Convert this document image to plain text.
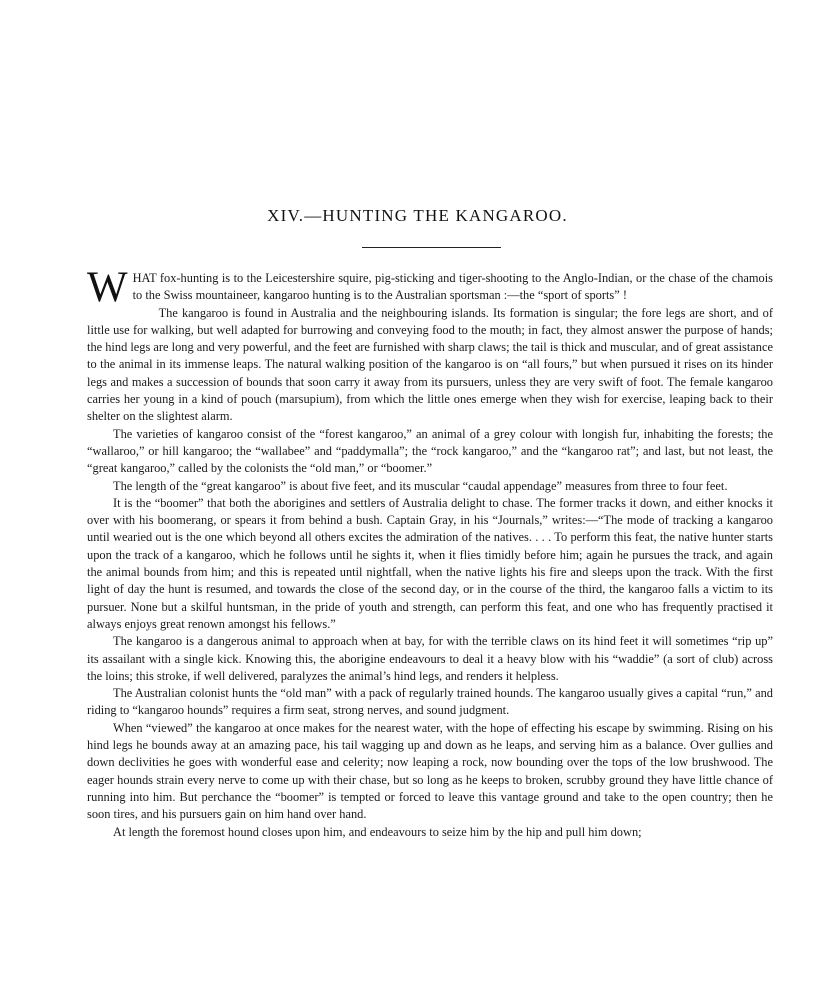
XIV.—HUNTING THE KANGAROO.

WHAT fox-hunting is to the Leicestershire squire, pig-sticking and tiger-shooting to the Anglo-Indian, or the chase of the chamois to the Swiss mountaineer, kangaroo hunting is to the Australian sportsman :—the “sport of sports” !

The kangaroo is found in Australia and the neighbouring islands. Its formation is singular; the fore legs are short, and of little use for walking, but well adapted for burrowing and conveying food to the mouth; in fact, they almost answer the purpose of hands; the hind legs are long and very powerful, and the feet are furnished with sharp claws; the tail is thick and muscular, and of great assistance to the animal in its immense leaps. The natural walking position of the kangaroo is on “all fours,” but when pursued it rises on its hinder legs and makes a succession of bounds that soon carry it away from its pursuers, unless they are very swift of foot. The female kangaroo carries her young in a kind of pouch (marsupium), from which the little ones emerge when they wish for exercise, leaping back to their shelter on the slightest alarm.

The varieties of kangaroo consist of the “forest kangaroo,” an animal of a grey colour with longish fur, inhabiting the forests; the “wallaroo,” or hill kangaroo; the “wallabee” and “paddymalla”; the “rock kangaroo,” and the “kangaroo rat”; and last, but not least, the “great kangaroo,” called by the colonists the “old man,” or “boomer.”

The length of the “great kangaroo” is about five feet, and its muscular “caudal appendage” measures from three to four feet.

It is the “boomer” that both the aborigines and settlers of Australia delight to chase. The former tracks it down, and either knocks it over with his boomerang, or spears it from behind a bush. Captain Gray, in his “Journals,” writes:—“The mode of tracking a kangaroo until wearied out is the one which beyond all others excites the admiration of the natives. . . . To perform this feat, the native hunter starts upon the track of a kangaroo, which he follows until he sights it, when it flies timidly before him; again he pursues the track, and again the animal bounds from him; and this is repeated until nightfall, when the native lights his fire and sleeps upon the track. With the first light of day the hunt is resumed, and towards the close of the second day, or in the course of the third, the kangaroo falls a victim to its pursuer. None but a skilful huntsman, in the pride of youth and strength, can perform this feat, and one who has frequently practised it always enjoys great renown amongst his fellows.”

The kangaroo is a dangerous animal to approach when at bay, for with the terrible claws on its hind feet it will sometimes “rip up” its assailant with a single kick. Knowing this, the aborigine endeavours to deal it a heavy blow with his “waddie” (a sort of club) across the loins; this stroke, if well delivered, paralyzes the animal’s hind legs, and renders it helpless.

The Australian colonist hunts the “old man” with a pack of regularly trained hounds. The kangaroo usually gives a capital “run,” and riding to “kangaroo hounds” requires a firm seat, strong nerves, and sound judgment.

When “viewed” the kangaroo at once makes for the nearest water, with the hope of effecting his escape by swimming. Rising on his hind legs he bounds away at an amazing pace, his tail wagging up and down as he leaps, and serving him as a balance. Over gullies and down declivities he goes with wonderful ease and celerity; now leaping a rock, now bounding over the tops of the low brushwood. The eager hounds strain every nerve to come up with their chase, but so long as he keeps to broken, scrubby ground they have little chance of running into him. But perchance the “boomer” is tempted or forced to leave this vantage ground and take to the open country; then he soon tires, and his pursuers gain on him hand over hand.

At length the foremost hound closes upon him, and endeavours to seize him by the hip and pull him down;
